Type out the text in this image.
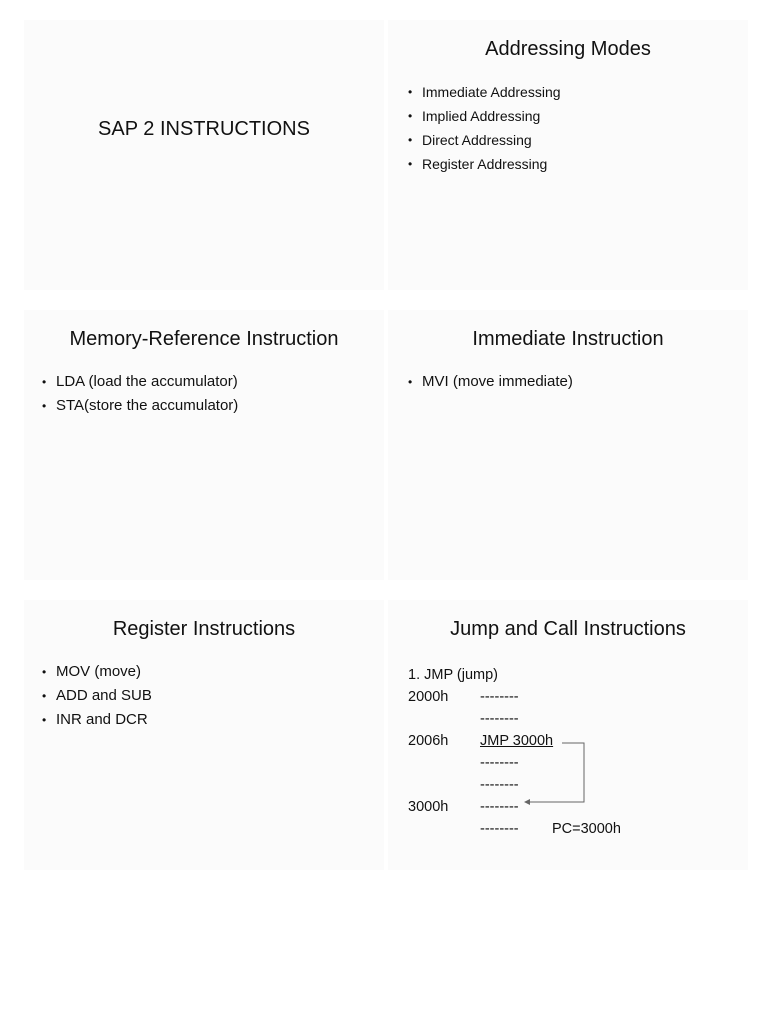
SAP 2 INSTRUCTIONS
Addressing Modes
• Immediate Addressing
• Implied Addressing
• Direct Addressing
• Register Addressing
Memory-Reference Instruction
• LDA (load the accumulator)
• STA(store the accumulator)
Immediate Instruction
• MVI (move immediate)
Register Instructions
• MOV (move)
• ADD and SUB
• INR and DCR
Jump and Call Instructions
1. JMP (jump)
2000h --------
--------
2006h JMP 3000h
--------
--------
3000h --------
-------- PC=3000h
